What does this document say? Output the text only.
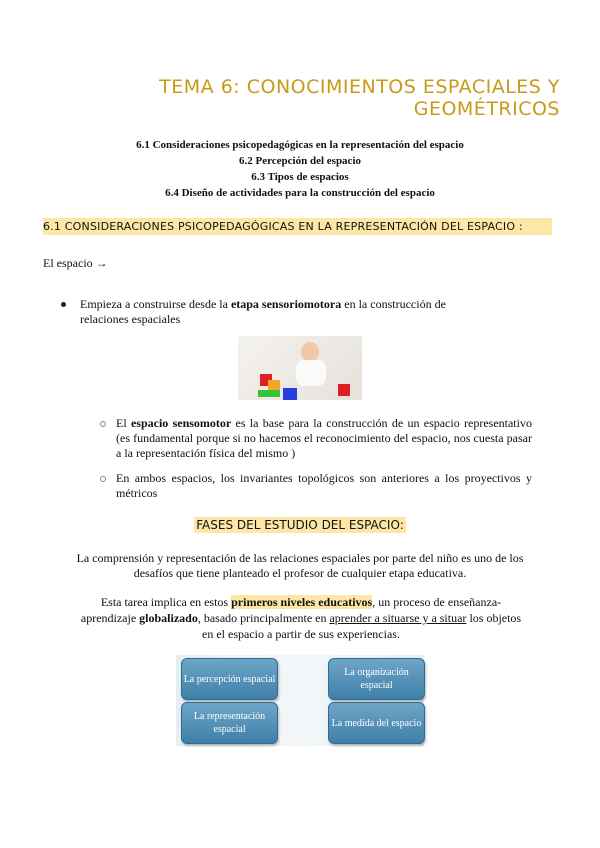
TEMA 6: CONOCIMIENTOS ESPACIALES Y
GEOMÉTRICOS
6.1 Consideraciones psicopedagógicas en la representación del espacio
6.2 Percepción del espacio
6.3 Tipos de espacios
6.4 Diseño de actividades para la construcción del espacio
6.1 CONSIDERACIONES PSICOPEDAGÓGICAS EN LA REPRESENTACIÓN DEL ESPACIO :
El espacio →
Empieza a construirse desde la etapa sensoriomotora en la construcción de relaciones espaciales
El espacio sensomotor es la base para la construcción de un espacio representativo (es fundamental porque si no hacemos el reconocimiento del espacio, nos cuesta pasar a la representación física del mismo )
En ambos espacios, los invariantes topológicos son anteriores a los proyectivos y métricos
FASES DEL ESTUDIO DEL ESPACIO:
La comprensión y representación de las relaciones espaciales por parte del niño es uno de los desafíos que tiene planteado el profesor de cualquier etapa educativa.
Esta tarea implica en estos primeros niveles educativos, un proceso de enseñanza-aprendizaje globalizado, basado principalmente en aprender a situarse y a situar los objetos en el espacio a partir de sus experiencias.
La percepción espacial
La organización espacial
La representación espacial
La medida del espacio
